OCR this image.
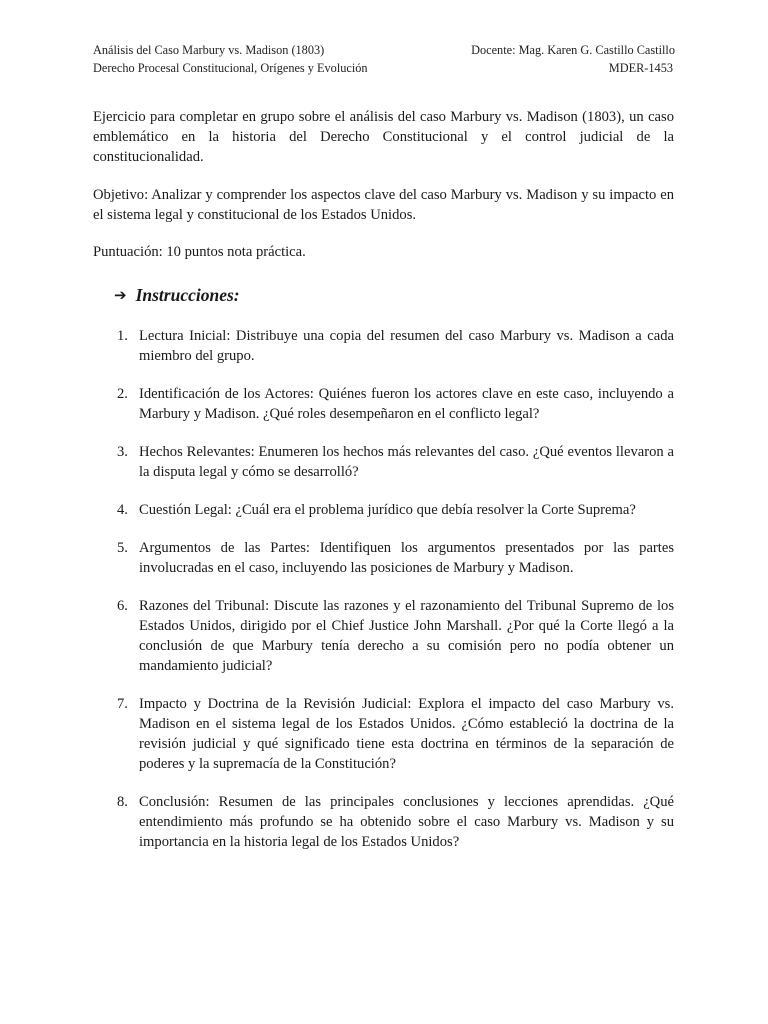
Análisis del Caso Marbury vs. Madison (1803)	Docente: Mag. Karen G. Castillo Castillo
Derecho Procesal Constitucional, Orígenes y Evolución	MDER-1453

Ejercicio para completar en grupo sobre el análisis del caso Marbury vs. Madison (1803), un caso emblemático en la historia del Derecho Constitucional y el control judicial de la constitucionalidad.

Objetivo: Analizar y comprender los aspectos clave del caso Marbury vs. Madison y su impacto en el sistema legal y constitucional de los Estados Unidos.

Puntuación: 10 puntos nota práctica.

➔ Instrucciones:
1. Lectura Inicial: Distribuye una copia del resumen del caso Marbury vs. Madison a cada miembro del grupo.
2. Identificación de los Actores: Quiénes fueron los actores clave en este caso, incluyendo a Marbury y Madison. ¿Qué roles desempeñaron en el conflicto legal?
3. Hechos Relevantes: Enumeren los hechos más relevantes del caso. ¿Qué eventos llevaron a la disputa legal y cómo se desarrolló?
4. Cuestión Legal: ¿Cuál era el problema jurídico que debía resolver la Corte Suprema?
5. Argumentos de las Partes: Identifiquen los argumentos presentados por las partes involucradas en el caso, incluyendo las posiciones de Marbury y Madison.
6. Razones del Tribunal: Discute las razones y el razonamiento del Tribunal Supremo de los Estados Unidos, dirigido por el Chief Justice John Marshall. ¿Por qué la Corte llegó a la conclusión de que Marbury tenía derecho a su comisión pero no podía obtener un mandamiento judicial?
7. Impacto y Doctrina de la Revisión Judicial: Explora el impacto del caso Marbury vs. Madison en el sistema legal de los Estados Unidos. ¿Cómo estableció la doctrina de la revisión judicial y qué significado tiene esta doctrina en términos de la separación de poderes y la supremacía de la Constitución?
8. Conclusión: Resumen de las principales conclusiones y lecciones aprendidas. ¿Qué entendimiento más profundo se ha obtenido sobre el caso Marbury vs. Madison y su importancia en la historia legal de los Estados Unidos?
